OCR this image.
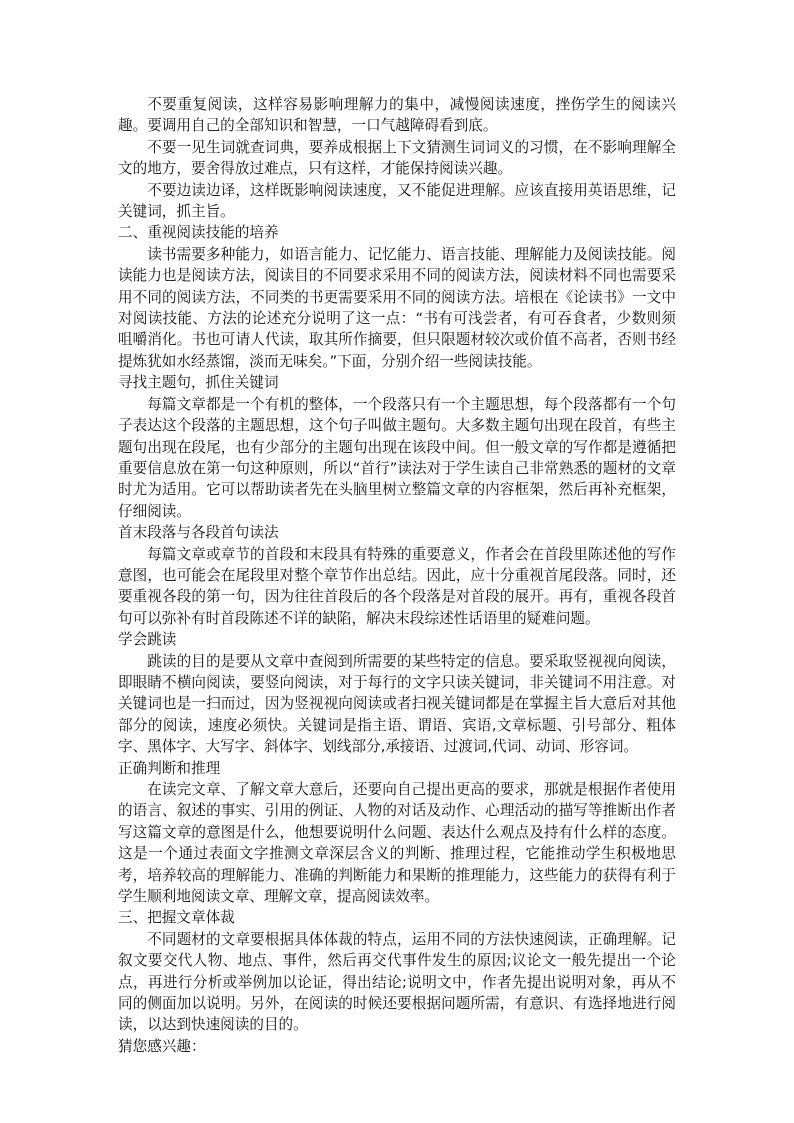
不要重复阅读，这样容易影响理解力的集中，减慢阅读速度，挫伤学生的阅读兴趣。要调用自己的全部知识和智慧，一口气越障碍看到底。

不要一见生词就查词典，要养成根据上下文猜测生词词义的习惯，在不影响理解全文的地方，要舍得放过难点，只有这样，才能保持阅读兴趣。

不要边读边译，这样既影响阅读速度，又不能促进理解。应该直接用英语思维，记关键词，抓主旨。

二、重视阅读技能的培养

读书需要多种能力，如语言能力、记忆能力、语言技能、理解能力及阅读技能。阅读能力也是阅读方法，阅读目的不同要求采用不同的阅读方法，阅读材料不同也需要采用不同的阅读方法，不同类的书更需要采用不同的阅读方法。培根在《论读书》一文中对阅读技能、方法的论述充分说明了这一点：“书有可浅尝者，有可吞食者，少数则须咀嚼消化。书也可请人代读，取其所作摘要，但只限题材较次或价值不高者，否则书经提炼犹如水经蒸馏，淡而无味矣。”下面，分别介绍一些阅读技能。

寻找主题句，抓住关键词

每篇文章都是一个有机的整体，一个段落只有一个主题思想，每个段落都有一个句子表达这个段落的主题思想，这个句子叫做主题句。大多数主题句出现在段首，有些主题句出现在段尾，也有少部分的主题句出现在该段中间。但一般文章的写作都是遵循把重要信息放在第一句这种原则，所以“首行”读法对于学生读自己非常熟悉的题材的文章时尤为适用。它可以帮助读者先在头脑里树立整篇文章的内容框架，然后再补充框架，仔细阅读。

首末段落与各段首句读法

每篇文章或章节的首段和末段具有特殊的重要意义，作者会在首段里陈述他的写作意图，也可能会在尾段里对整个章节作出总结。因此，应十分重视首尾段落。同时，还要重视各段的第一句，因为往往首段后的各个段落是对首段的展开。再有，重视各段首句可以弥补有时首段陈述不详的缺陷，解决末段综述性话语里的疑难问题。

学会跳读

跳读的目的是要从文章中查阅到所需要的某些特定的信息。要采取竖视视向阅读，即眼睛不横向阅读，要竖向阅读，对于每行的文字只读关键词，非关键词不用注意。对关键词也是一扫而过，因为竖视视向阅读或者扫视关键词都是在掌握主旨大意后对其他部分的阅读，速度必须快。关键词是指主语、谓语、宾语,文章标题、引号部分、粗体字、黑体字、大写字、斜体字、划线部分,承接语、过渡词,代词、动词、形容词。

正确判断和推理

在读完文章、了解文章大意后，还要向自己提出更高的要求，那就是根据作者使用的语言、叙述的事实、引用的例证、人物的对话及动作、心理活动的描写等推断出作者写这篇文章的意图是什么，他想要说明什么问题、表达什么观点及持有什么样的态度。这是一个通过表面文字推测文章深层含义的判断、推理过程，它能推动学生积极地思考，培养较高的理解能力、准确的判断能力和果断的推理能力，这些能力的获得有利于学生顺利地阅读文章、理解文章，提高阅读效率。

三、把握文章体裁

不同题材的文章要根据具体体裁的特点，运用不同的方法快速阅读，正确理解。记叙文要交代人物、地点、事件，然后再交代事件发生的原因;议论文一般先提出一个论点，再进行分析或举例加以论证，得出结论;说明文中，作者先提出说明对象，再从不同的侧面加以说明。另外，在阅读的时候还要根据问题所需，有意识、有选择地进行阅读，以达到快速阅读的目的。

猜您感兴趣：
